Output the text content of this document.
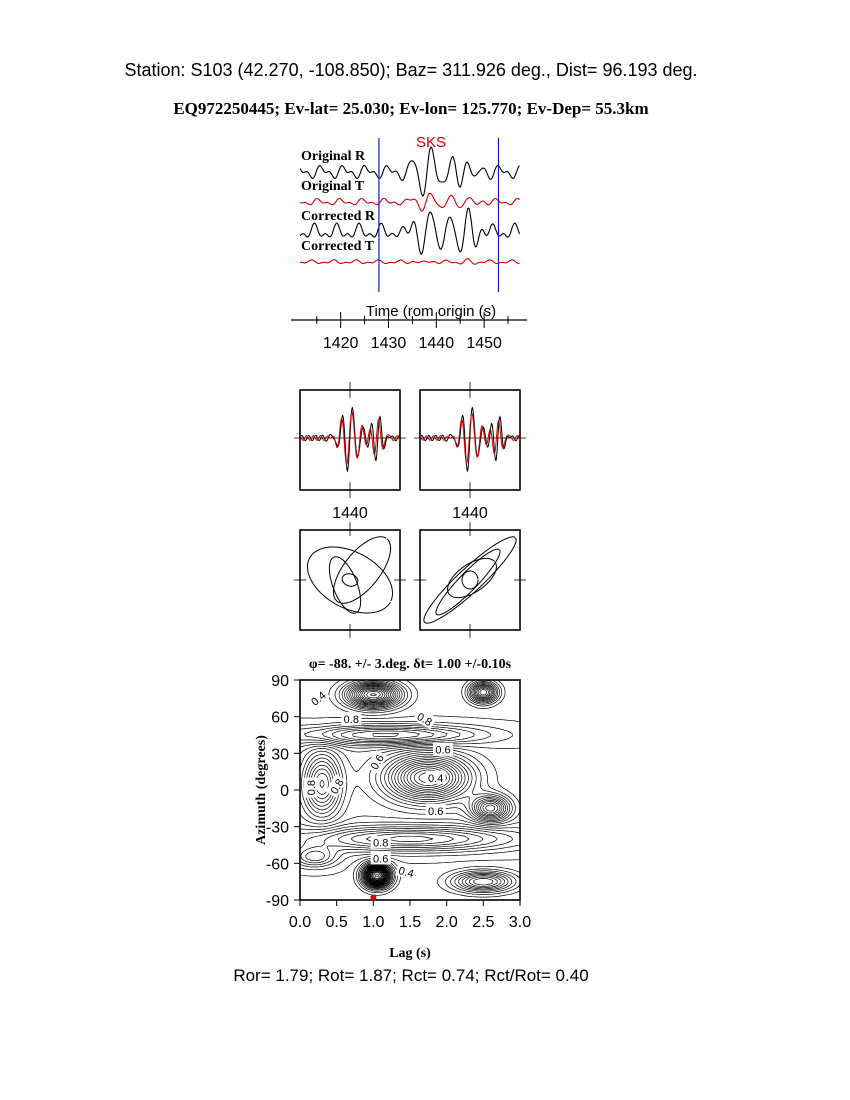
Station: S103 (42.270, -108.850); Baz= 311.926 deg., Dist= 96.193 deg.
EQ972250445; Ev-lat= 25.030; Ev-lon= 125.770; Ev-Dep= 55.3km
SKS
Original R
Original T
Corrected R
Corrected T
Time (rom origin (s)
1420 1430 1440 1450
1440	1440
φ= -88. +/- 3.deg. δt= 1.00 +/-0.10s
0.0 0.5 1.0 1.5 2.0 2.5 3.0
90
60
30
0
-30
-60
-90
0.4
0.8	0.8
0.6
0.6
0.4
0.6
0.8 0.8
0.8
0.6
0.4
Lag (s)
Azimuth (degrees)
Ror= 1.79; Rot= 1.87; Rct= 0.74; Rct/Rot= 0.40
